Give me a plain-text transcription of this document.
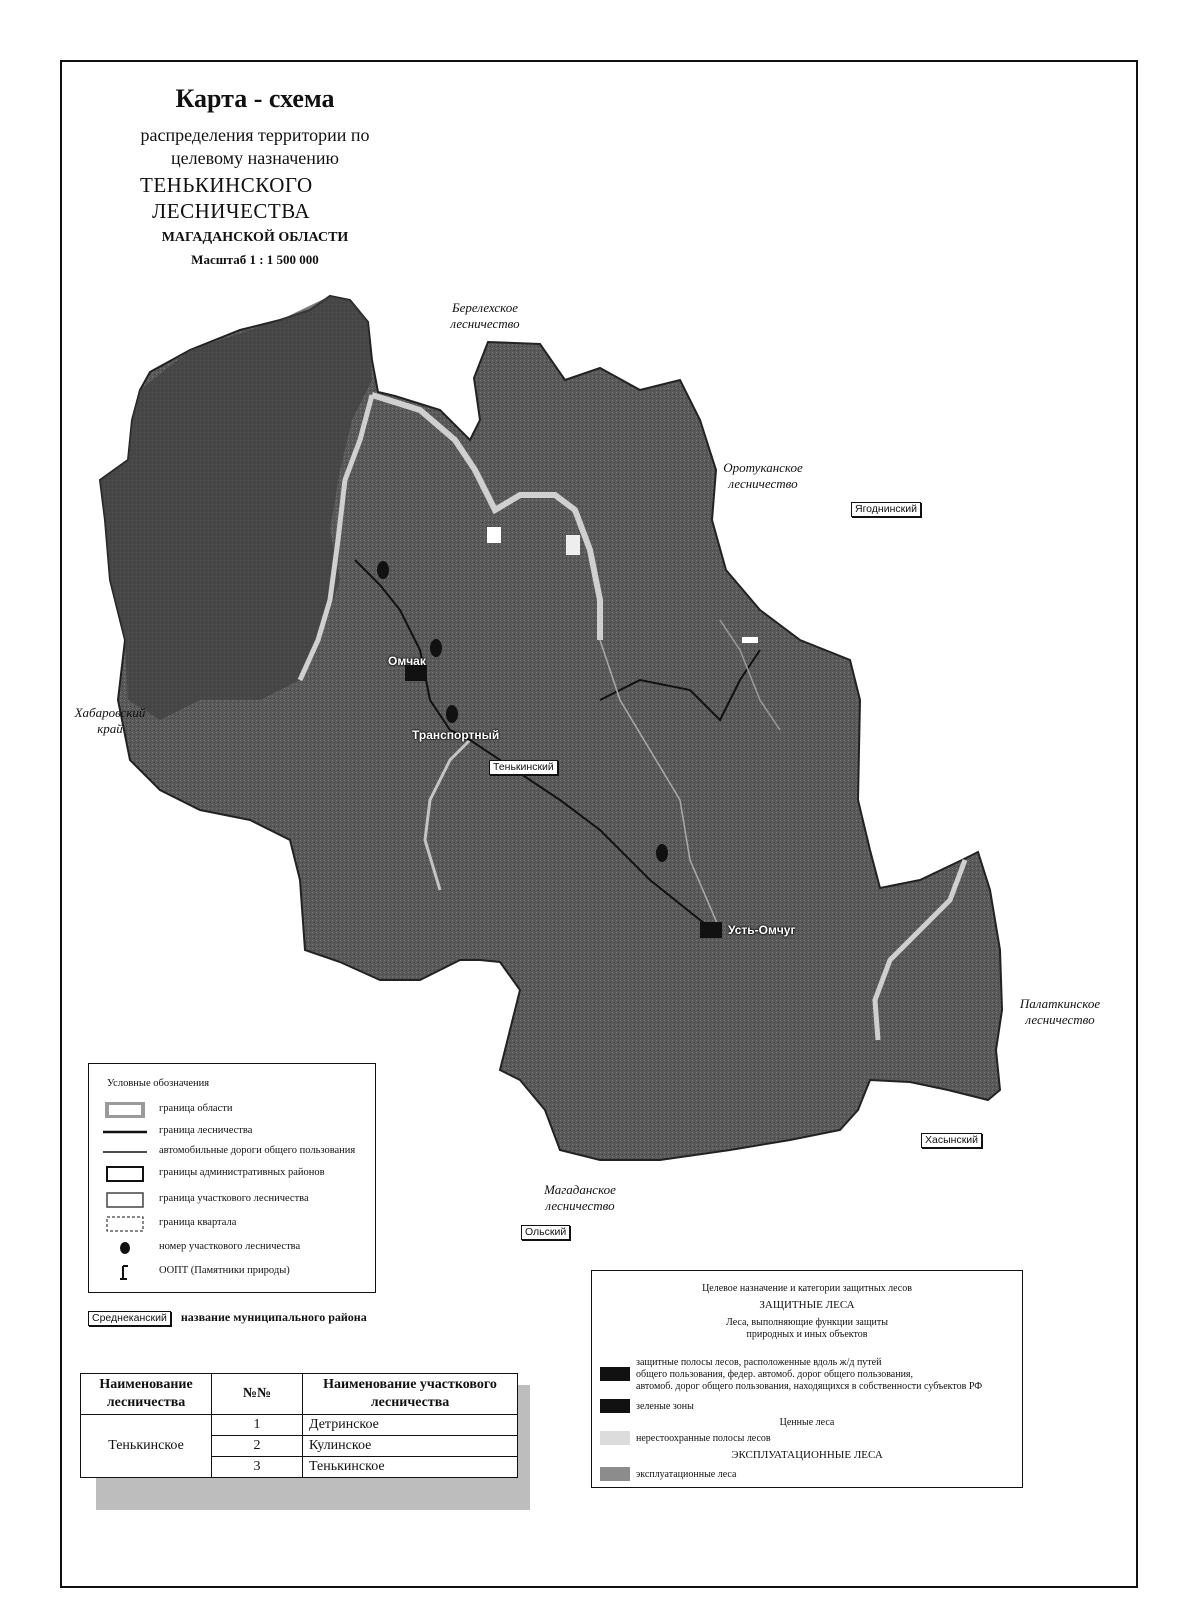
Карта - схема
распределения территории по целевому назначению
ТЕНЬКИНСКОГО
ЛЕСНИЧЕСТВА
МАГАДАНСКОЙ ОБЛАСТИ
Масштаб 1 : 1 500 000
Берелехское
лесничество
Оротуканское
лесничество
Хабаровский
край
Палаткинское
лесничество
Магаданское
лесничество
Ягоднинский
Тенькинский
Хасынский
Ольский
Омчак
Транспортный
Усть-Омчуг
Условные обозначения
граница области
граница лесничества
автомобильные дороги общего пользования
границы административных районов
граница участкового лесничества
граница квартала
номер участкового лесничества
ООПТ (Памятники природы)
Среднеканский название муниципального района
Наименование лесничества	№№	Наименование участкового лесничества
Тенькинское	1	Детринское
	2	Кулинское
	3	Тенькинское
Целевое назначение и категории защитных лесов
ЗАЩИТНЫЕ ЛЕСА
Леса, выполняющие функции защиты
природных и иных объектов
защитные полосы лесов, расположенные вдоль ж/д путей
общего пользования, федер. автомоб. дорог общего пользования,
автомоб. дорог общего пользования, находящихся в собственности субъектов РФ
зеленые зоны
Ценные леса
нерестоохранные полосы лесов
ЭКСПЛУАТАЦИОННЫЕ ЛЕСА
эксплуатационные леса
